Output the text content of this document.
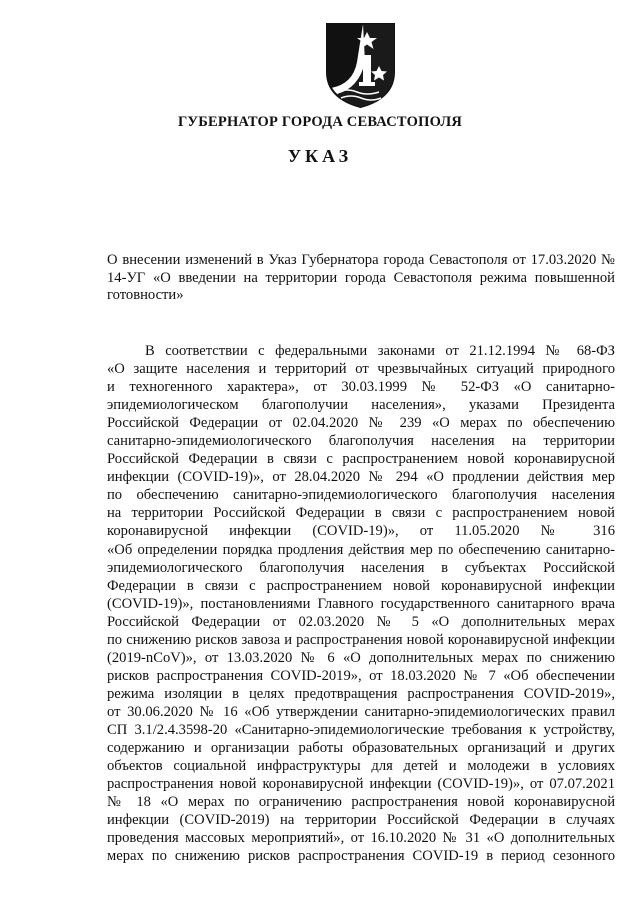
ГУБЕРНАТОР ГОРОДА СЕВАСТОПОЛЯ
УКАЗ
О внесении изменений в Указ Губернатора города Севастополя от 17.03.2020 № 14-УГ «О введении на территории города Севастополя режима повышенной готовности»
В соответствии с федеральными законами от 21.12.1994 № 68-ФЗ
«О защите населения и территорий от чрезвычайных ситуаций природного
и техногенного характера», от 30.03.1999 № 52-ФЗ «О санитарно-
эпидемиологическом благополучии населения», указами Президента
Российской Федерации от 02.04.2020 № 239 «О мерах по обеспечению
санитарно-эпидемиологического благополучия населения на территории
Российской Федерации в связи с распространением новой коронавирусной
инфекции (COVID-19)», от 28.04.2020 № 294 «О продлении действия мер
по обеспечению санитарно-эпидемиологического благополучия населения
на территории Российской Федерации в связи с распространением новой
коронавирусной инфекции (COVID-19)», от 11.05.2020 № 316
«Об определении порядка продления действия мер по обеспечению санитарно-
эпидемиологического благополучия населения в субъектах Российской
Федерации в связи с распространением новой коронавирусной инфекции
(COVID-19)», постановлениями Главного государственного санитарного врача
Российской Федерации от 02.03.2020 № 5 «О дополнительных мерах
по снижению рисков завоза и распространения новой коронавирусной инфекции
(2019-nCoV)», от 13.03.2020 № 6 «О дополнительных мерах по снижению
рисков распространения COVID-2019», от 18.03.2020 № 7 «Об обеспечении
режима изоляции в целях предотвращения распространения COVID-2019»,
от 30.06.2020 № 16 «Об утверждении санитарно-эпидемиологических правил
СП 3.1/2.4.3598-20 «Санитарно-эпидемиологические требования к устройству,
содержанию и организации работы образовательных организаций и других
объектов социальной инфраструктуры для детей и молодежи в условиях
распространения новой коронавирусной инфекции (COVID-19)», от 07.07.2021
№ 18 «О мерах по ограничению распространения новой коронавирусной
инфекции (COVID-2019) на территории Российской Федерации в случаях
проведения массовых мероприятий», от 16.10.2020 № 31 «О дополнительных
мерах по снижению рисков распространения COVID-19 в период сезонного
